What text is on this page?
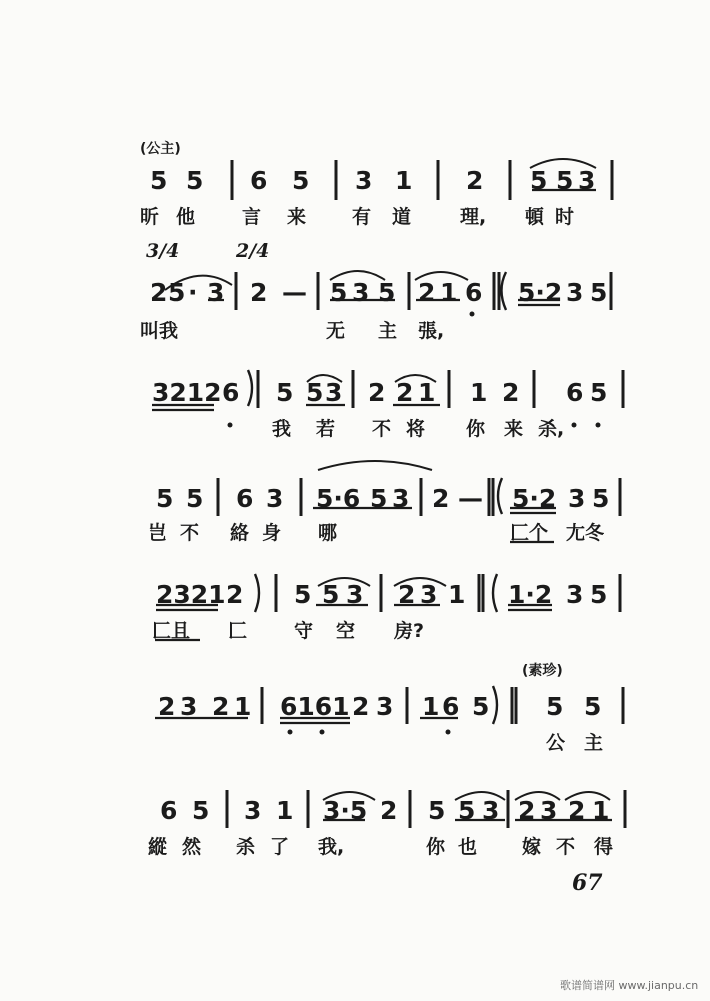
(公主)
5 5 6 5 3 1 2 5 5 3
昕 他 言 来 有 道	理, 頓 时
3/4	2/4
2 5 · 3 2 — 5 3 5 2 1 6 5·2 3 5
叫我	无 主 張,
3212 6 5 5 3 2 2 1 1 2 6 5
我 若 不 将 你 来 杀,
5 5 6 3 5·6 5 3 2 — 5·2 3 5
岂 不 絡 身 哪	匚个 尢冬
2321 2 5 5 3 2 3 1 1·2 3 5
匚且 匚 守 空 房?
(素珍)
2 3 2 1 6161 2 3 1 6 5 5 5
公 主
6 5 3 1 3·5 2 5 5 3 2 3 2 1
縱 然 杀 了 我,	你 也 嫁 不 得
67
歌谱简谱网 www.jianpu.cn
